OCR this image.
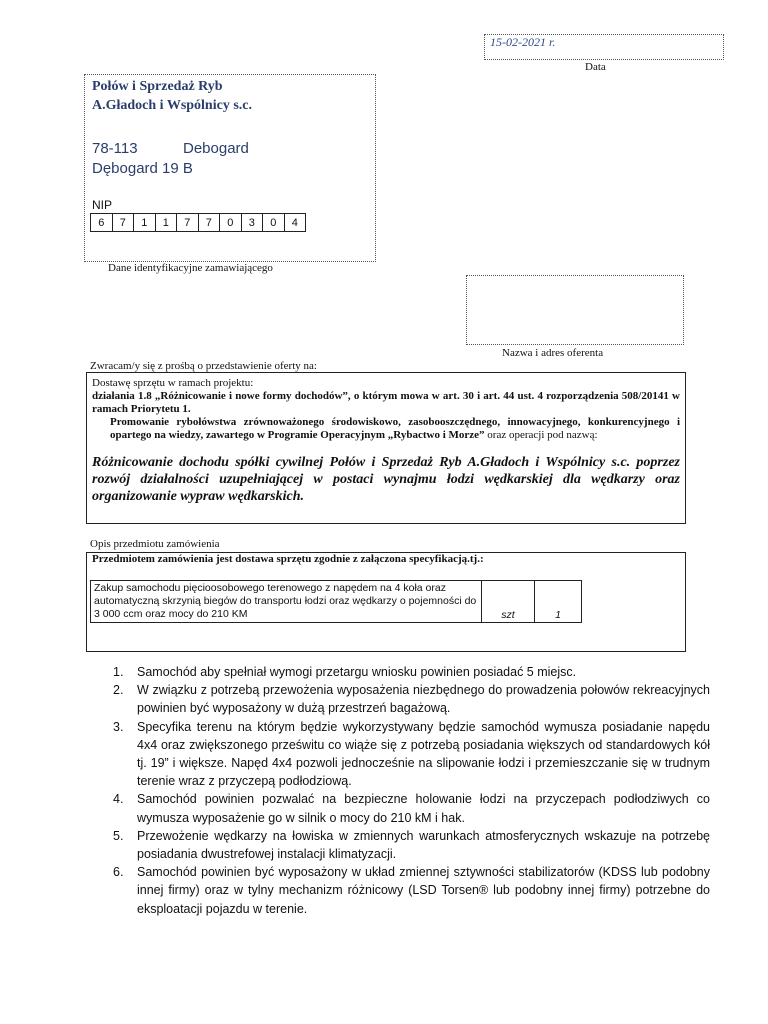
15-02-2021 r.
Data
Połów i Sprzedaż Ryb
A.Gładoch i Wspólnicy s.c.
78-113	Debogard
Dębogard 19 B
NIP
6	7	1	1	7	7	0	3	0	4
Dane identyfikacyjne zamawiającego
Nazwa i adres oferenta
Zwracam/y się z prośbą o przedstawienie oferty na:

Dostawę sprzętu w ramach projektu:

działania 1.8 „Różnicowanie i nowe formy dochodów”, o którym mowa w art. 30 i art. 44 ust. 4 rozporządzenia 508/20141 w ramach Priorytetu 1.

Promowanie rybołówstwa zrównoważonego środowiskowo, zasobooszczędnego, innowacyjnego, konkurencyjnego i opartego na wiedzy, zawartego w Programie Operacyjnym „Rybactwo i Morze” oraz operacji pod nazwą:

Różnicowanie dochodu spółki cywilnej Połów i Sprzedaż Ryb A.Gładoch i Wspólnicy s.c. poprzez rozwój działalności uzupełniającej w postaci wynajmu łodzi wędkarskiej dla wędkarzy oraz organizowanie wypraw wędkarskich.

Opis przedmiotu zamówienia
Przedmiotem zamówienia jest dostawa sprzętu zgodnie z załączona specyfikacją.tj.:
Zakup samochodu pięcioosobowego terenowego z napędem na 4 koła oraz automatyczną skrzynią biegów do transportu łodzi oraz wędkarzy o pojemności do 3 000 ccm oraz mocy do 210 KM	szt	1
Samochód aby spełniał wymogi przetargu wniosku powinien posiadać 5 miejsc.
W związku z potrzebą przewożenia wyposażenia niezbędnego do prowadzenia połowów rekreacyjnych powinien być wyposażony w dużą przestrzeń bagażową.
Specyfika terenu na którym będzie wykorzystywany będzie samochód wymusza posiadanie napędu 4x4 oraz zwiększonego prześwitu co wiąże się z potrzebą posiadania większych od standardowych kół tj. 19” i większe. Napęd 4x4 pozwoli jednocześnie na slipowanie łodzi i przemieszczanie się w trudnym terenie wraz z przyczepą podłodziową.
Samochód powinien pozwalać na bezpieczne holowanie łodzi na przyczepach podłodziwych co wymusza wyposażenie go w silnik o mocy do 210 kM i hak.
Przewożenie wędkarzy na łowiska w zmiennych warunkach atmosferycznych wskazuje na potrzebę posiadania dwustrefowej instalacji klimatyzacji.
Samochód powinien być wyposażony w układ zmiennej sztywności stabilizatorów (KDSS lub podobny innej firmy) oraz w tylny mechanizm różnicowy (LSD Torsen® lub podobny innej firmy) potrzebne do eksploatacji pojazdu w terenie.
